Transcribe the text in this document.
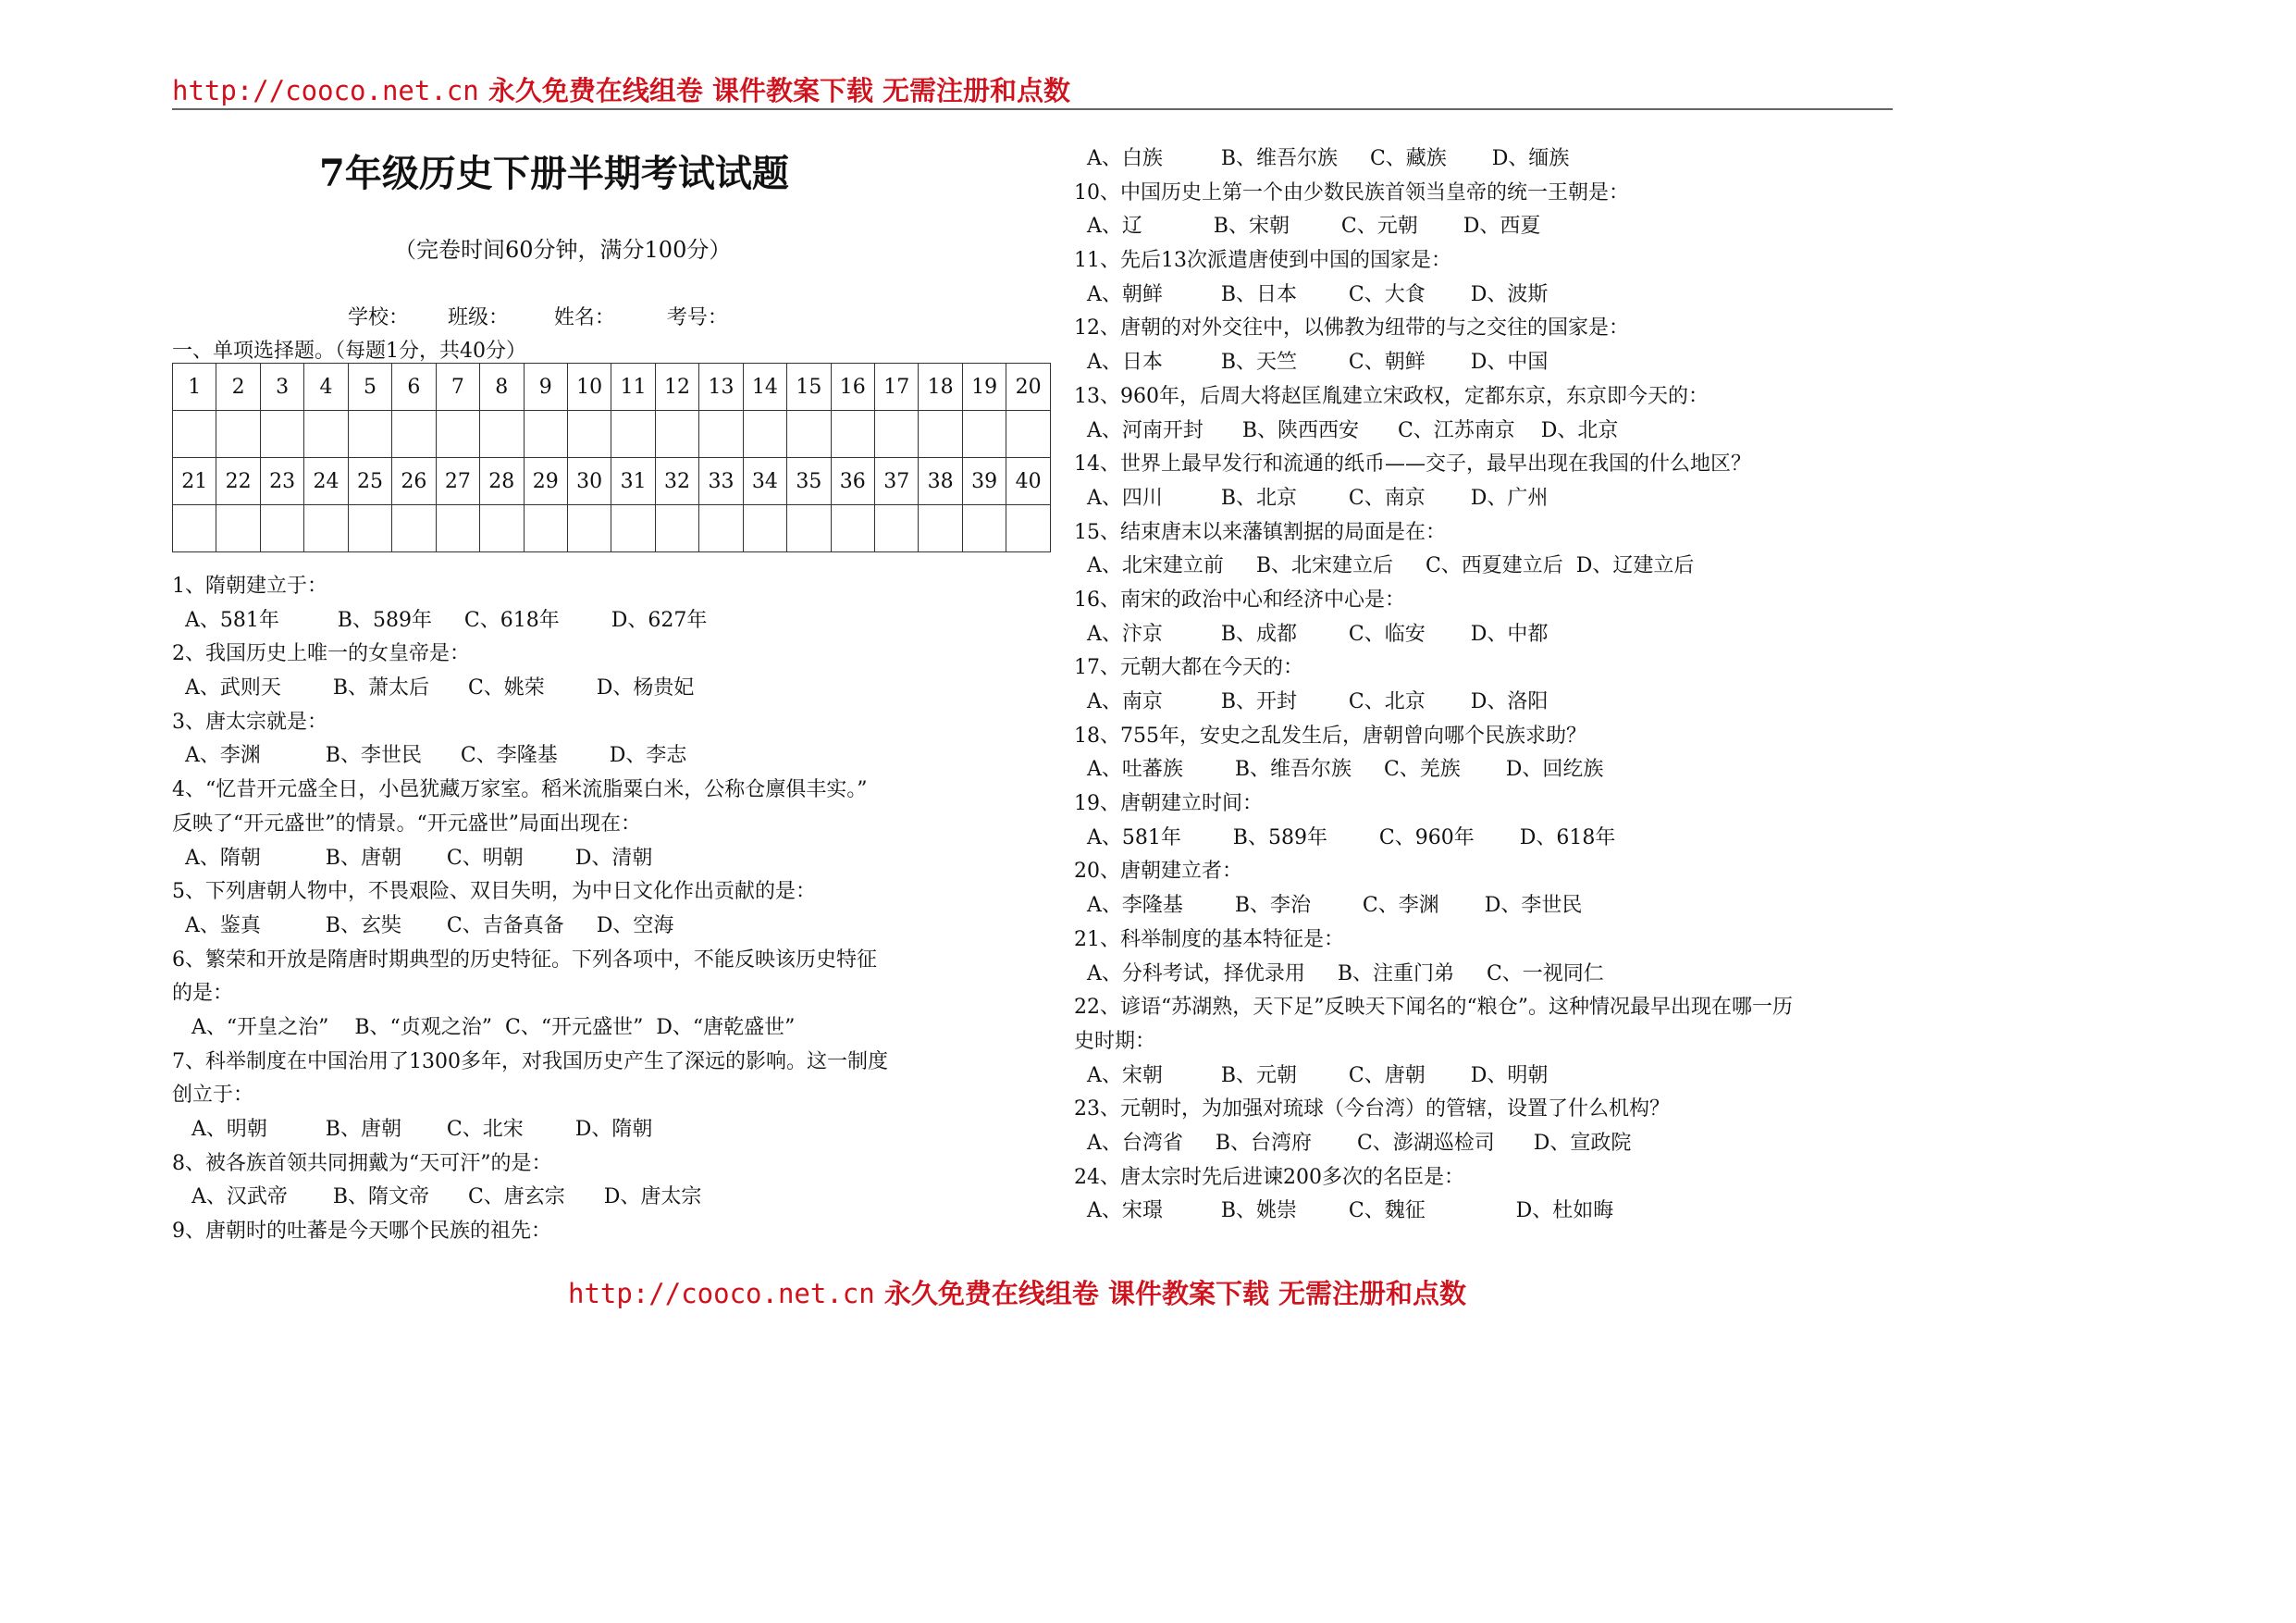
http://cooco.net.cn 永久免费在线组卷 课件教案下载 无需注册和点数
7年级历史下册半期考试试题
（完卷时间60分钟，满分100分）
学校：      班级：       姓名：        考号：
一、单项选择题。（每题1分，共40分）
1	2	3	4	5	6	7	8	9	10	11	12	13	14	15	16	17	18	19	20

21	22	23	24	25	26	27	28	29	30	31	32	33	34	35	36	37	38	39	40

1、隋朝建立于：
A、581年         B、589年     C、618年        D、627年
2、我国历史上唯一的女皇帝是：
A、武则天        B、萧太后      C、姚荣        D、杨贵妃
3、唐太宗就是：
A、李渊          B、李世民      C、李隆基        D、李志
4、“忆昔开元盛全日，小邑犹藏万家室。稻米流脂粟白米，公称仓廪俱丰实。”
反映了“开元盛世”的情景。“开元盛世”局面出现在：
A、隋朝          B、唐朝       C、明朝        D、清朝
5、下列唐朝人物中，不畏艰险、双目失明，为中日文化作出贡献的是：
A、鉴真          B、玄奘       C、吉备真备     D、空海
6、繁荣和开放是隋唐时期典型的历史特征。下列各项中，不能反映该历史特征
的是：
A、“开皇之治”    B、“贞观之治”  C、“开元盛世”  D、“唐乾盛世”
7、科举制度在中国治用了1300多年，对我国历史产生了深远的影响。这一制度
创立于：
A、明朝         B、唐朝       C、北宋        D、隋朝
8、被各族首领共同拥戴为“天可汗”的是：
A、汉武帝       B、隋文帝      C、唐玄宗      D、唐太宗
9、唐朝时的吐蕃是今天哪个民族的祖先：
A、白族         B、维吾尔族     C、藏族       D、缅族
10、中国历史上第一个由少数民族首领当皇帝的统一王朝是：
A、辽           B、宋朝        C、元朝       D、西夏
11、先后13次派遣唐使到中国的国家是：
A、朝鲜         B、日本        C、大食       D、波斯
12、唐朝的对外交往中，以佛教为纽带的与之交往的国家是：
A、日本         B、天竺        C、朝鲜       D、中国
13、960年，后周大将赵匡胤建立宋政权，定都东京，东京即今天的：
A、河南开封      B、陕西西安      C、江苏南京    D、北京
14、世界上最早发行和流通的纸币——交子，最早出现在我国的什么地区？
A、四川         B、北京        C、南京       D、广州
15、结束唐末以来藩镇割据的局面是在：
A、北宋建立前     B、北宋建立后     C、西夏建立后  D、辽建立后
16、南宋的政治中心和经济中心是：
A、汴京         B、成都        C、临安       D、中都
17、元朝大都在今天的：
A、南京         B、开封        C、北京       D、洛阳
18、755年，安史之乱发生后，唐朝曾向哪个民族求助？
A、吐蕃族        B、维吾尔族     C、羌族       D、回纥族
19、唐朝建立时间：
A、581年        B、589年        C、960年       D、618年
20、唐朝建立者：
A、李隆基        B、李治        C、李渊       D、李世民
21、科举制度的基本特征是：
A、分科考试，择优录用     B、注重门弟     C、一视同仁
22、谚语“苏湖熟，天下足”反映天下闻名的“粮仓”。这种情况最早出现在哪一历
史时期：
A、宋朝         B、元朝        C、唐朝       D、明朝
23、元朝时，为加强对琉球（今台湾）的管辖，设置了什么机构？
A、台湾省     B、台湾府       C、澎湖巡检司      D、宣政院
24、唐太宗时先后进谏200多次的名臣是：
A、宋璟         B、姚崇        C、魏征              D、杜如晦
http://cooco.net.cn 永久免费在线组卷 课件教案下载 无需注册和点数
